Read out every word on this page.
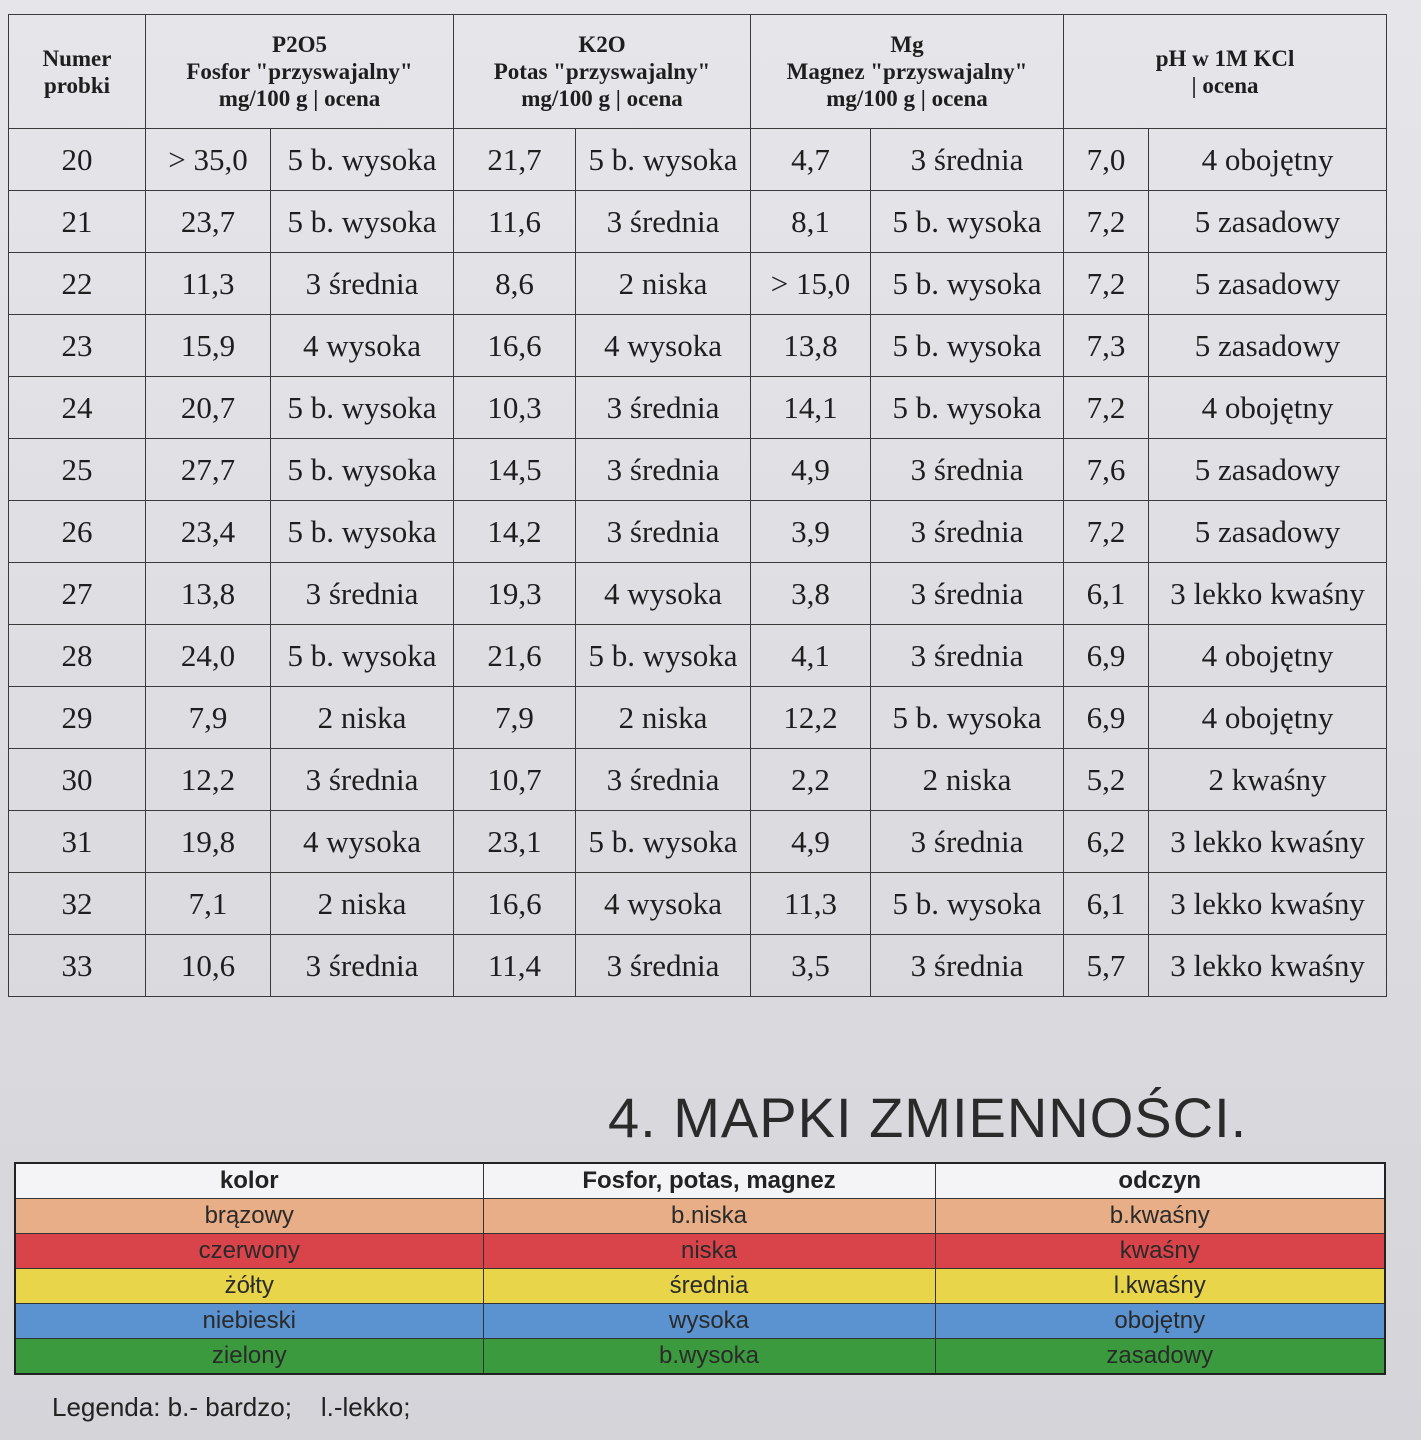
Numer
probki	P2O5
Fosfor "przyswajalny"
mg/100 g | ocena		K2O
Potas "przyswajalny"
mg/100 g | ocena		Mg
Magnez "przyswajalny"
mg/100 g | ocena		pH w 1M KCl
| ocena	

20	> 35,0	5 b. wysoka	21,7	5 b. wysoka	4,7	3 średnia	7,0	4 obojętny
21	23,7	5 b. wysoka	11,6	3 średnia	8,1	5 b. wysoka	7,2	5 zasadowy
22	11,3	3 średnia	8,6	2 niska	> 15,0	5 b. wysoka	7,2	5 zasadowy
23	15,9	4 wysoka	16,6	4 wysoka	13,8	5 b. wysoka	7,3	5 zasadowy
24	20,7	5 b. wysoka	10,3	3 średnia	14,1	5 b. wysoka	7,2	4 obojętny
25	27,7	5 b. wysoka	14,5	3 średnia	4,9	3 średnia	7,6	5 zasadowy
26	23,4	5 b. wysoka	14,2	3 średnia	3,9	3 średnia	7,2	5 zasadowy
27	13,8	3 średnia	19,3	4 wysoka	3,8	3 średnia	6,1	3 lekko kwaśny
28	24,0	5 b. wysoka	21,6	5 b. wysoka	4,1	3 średnia	6,9	4 obojętny
29	7,9	2 niska	7,9	2 niska	12,2	5 b. wysoka	6,9	4 obojętny
30	12,2	3 średnia	10,7	3 średnia	2,2	2 niska	5,2	2 kwaśny
31	19,8	4 wysoka	23,1	5 b. wysoka	4,9	3 średnia	6,2	3 lekko kwaśny
32	7,1	2 niska	16,6	4 wysoka	11,3	5 b. wysoka	6,1	3 lekko kwaśny
33	10,6	3 średnia	11,4	3 średnia	3,5	3 średnia	5,7	3 lekko kwaśny
4. MAPKI ZMIENNOŚCI.
kolor	Fosfor, potas, magnez	odczyn
brązowy	b.niska	b.kwaśny
czerwony	niska	kwaśny
żółty	średnia	l.kwaśny
niebieski	wysoka	obojętny
zielony	b.wysoka	zasadowy
Legenda: b.- bardzo;    l.-lekko;
